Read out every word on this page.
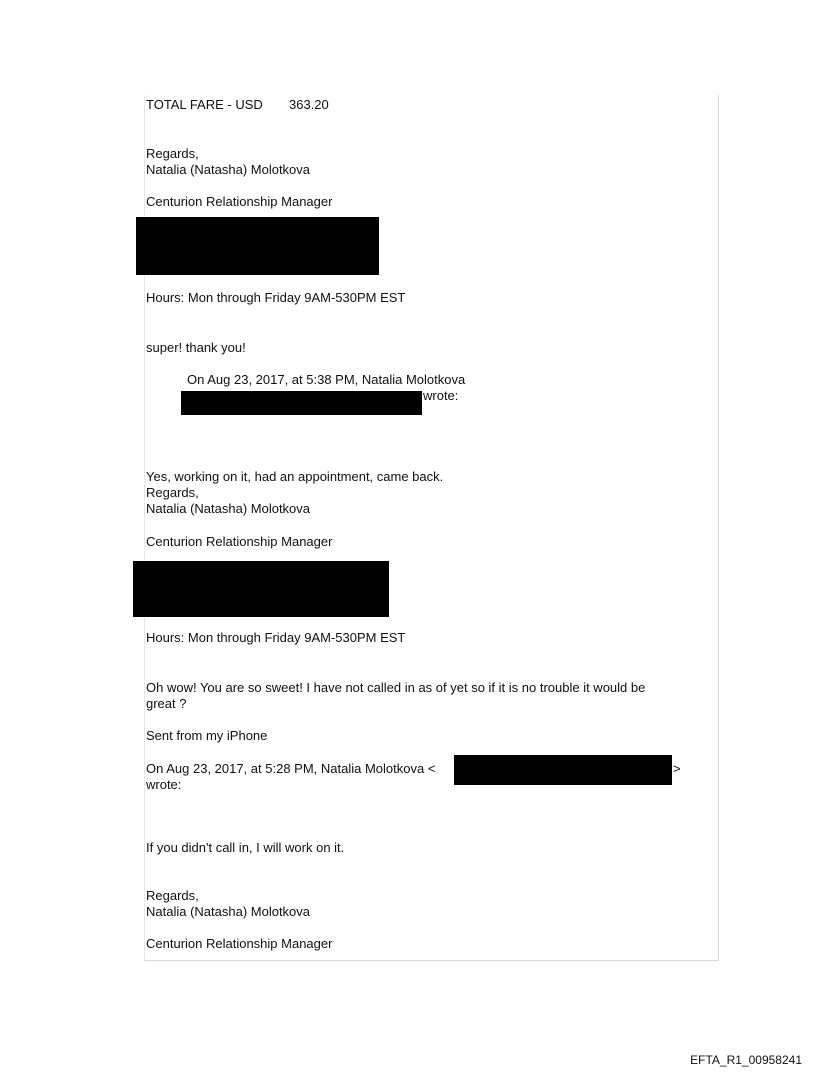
TOTAL FARE - USD 363.20
Regards,
Natalia (Natasha) Molotkova
Centurion Relationship Manager
Hours: Mon through Friday 9AM-530PM EST
super! thank you!
On Aug 23, 2017, at 5:38 PM, Natalia Molotkova
wrote:
Yes, working on it, had an appointment, came back.
Regards,
Natalia (Natasha) Molotkova
Centurion Relationship Manager
Hours: Mon through Friday 9AM-530PM EST
Oh wow! You are so sweet! I have not called in as of yet so if it is no trouble it would be
great ?
Sent from my iPhone
On Aug 23, 2017, at 5:28 PM, Natalia Molotkova <	>
wrote:
If you didn't call in, I will work on it.
Regards,
Natalia (Natasha) Molotkova
Centurion Relationship Manager
EFTA_R1_00958241
